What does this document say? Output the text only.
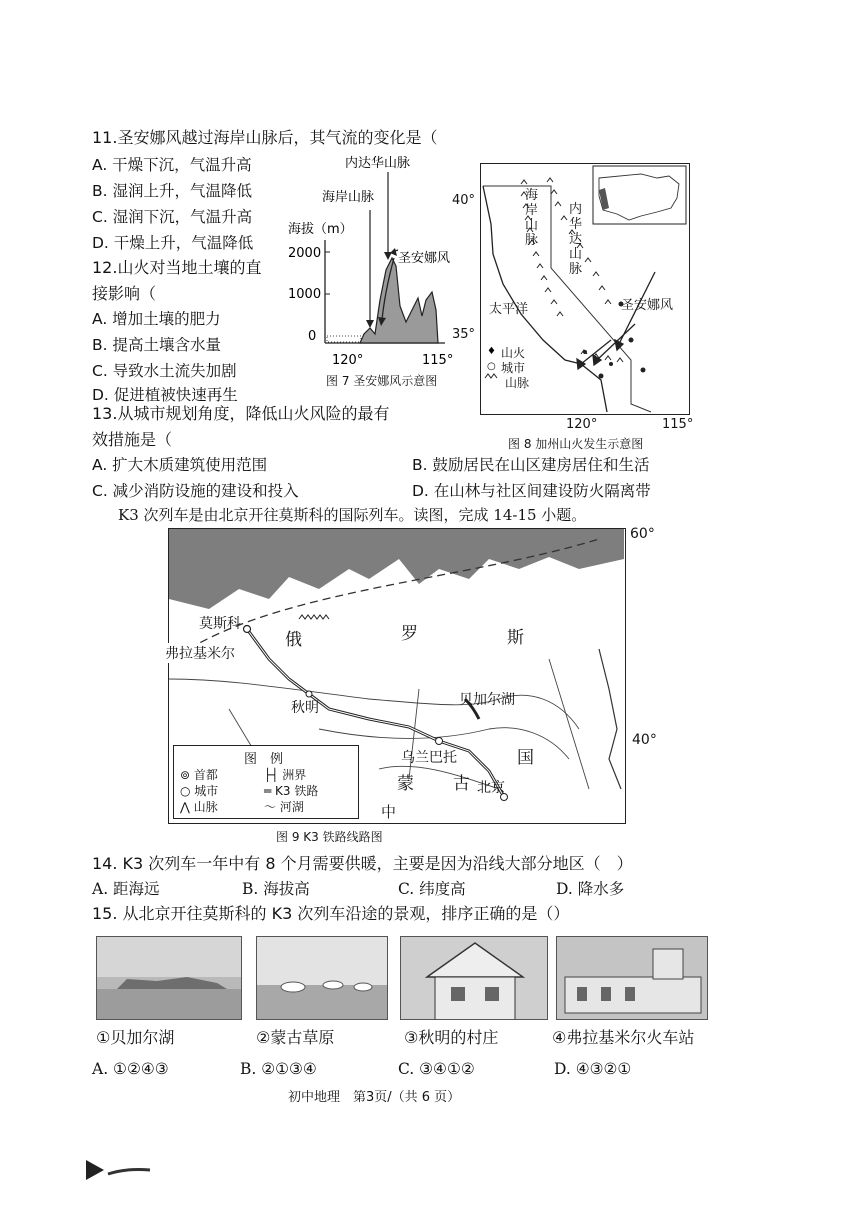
11.圣安娜风越过海岸山脉后，其气流的变化是（
A. 干燥下沉，气温升高
B. 湿润上升，气温降低
C. 湿润下沉，气温升高
D. 干燥上升，气温降低
12.山火对当地土壤的直
接影响（
A. 增加土壤的肥力
B. 提高土壤含水量
C. 导致水土流失加剧
D. 促进植被快速再生
13.从城市规划角度，降低山火风险的最有
效措施是（
A. 扩大木质建筑使用范围	B. 鼓励居民在山区建房居住和生活
C. 减少消防设施的建设和投入	D. 在山林与社区间建设防火隔离带
内达华山脉
海岸山脉
海拔（m）
圣安娜风
2000
1000
0
120°	115°
图 7 圣安娜风示意图
40°
35°
♦
○
海岸山脉
内华达山脉
太平洋	圣安娜风
山火
城市
山脉
120°	115°
图 8 加州山火发生示意图
K3 次列车是由北京开往莫斯科的国际列车。读图，完成 14-15 小题。
莫斯科
弗拉基米尔
秋明	贝加尔湖
乌兰巴托
北京
俄	罗	斯
蒙 古
国
中
图　例
⊚ 首都	├┤ 洲界
○ 城市	═ K3 铁路
⋀ 山脉	～ 河湖
60°
40°
图 9 K3 铁路线路图
14. K3 次列车一年中有 8 个月需要供暖，主要是因为沿线大部分地区（　）
A. 距海远	B. 海拔高	C. 纬度高	D. 降水多
15. 从北京开往莫斯科的 K3 次列车沿途的景观，排序正确的是（）
①贝加尔湖	②蒙古草原	③秋明的村庄	④弗拉基米尔火车站
A. ①②④③	B. ②①③④	C. ③④①②	D. ④③②①
初中地理　第3页/（共 6 页）
